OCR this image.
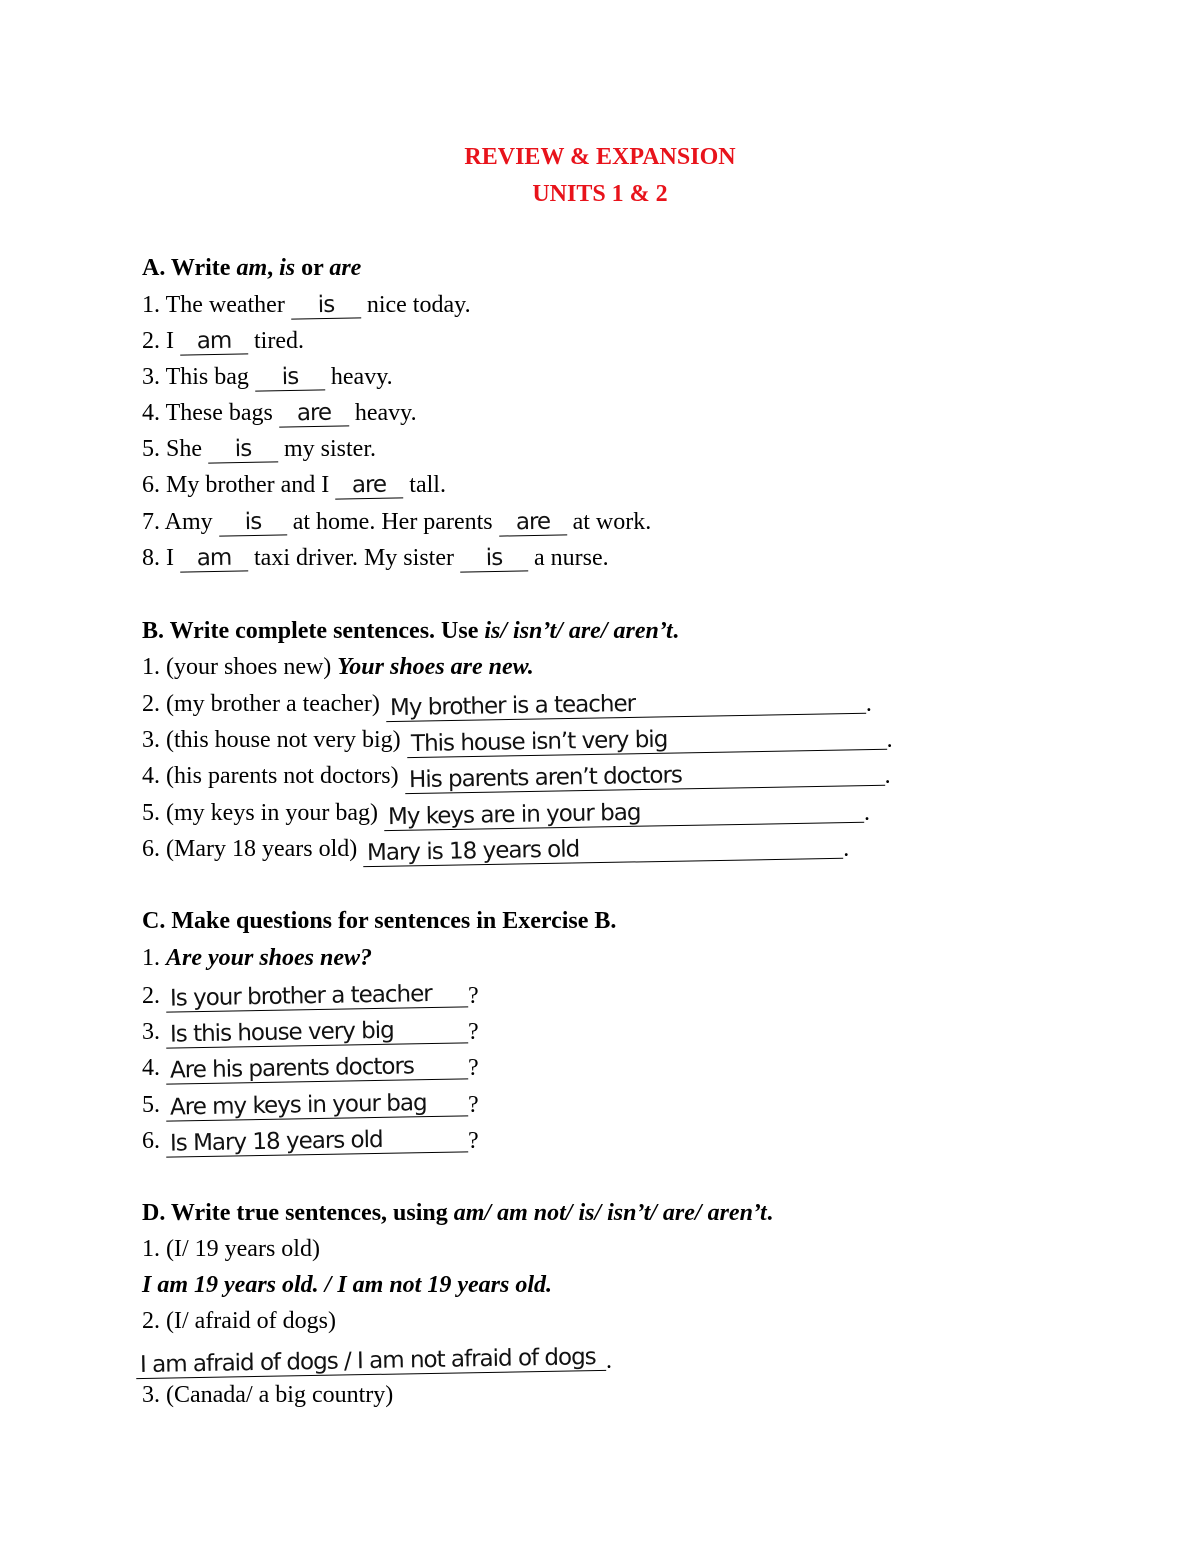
REVIEW & EXPANSION
UNITS 1 & 2
A. Write am, is or are
1. The weather is nice today.
2. I am tired.
3. This bag is heavy.
4. These bags are heavy.
5. She is my sister.
6. My brother and I are tall.
7. Amy is at home. Her parents are at work.
8. I am taxi driver. My sister is a nurse.
B. Write complete sentences. Use is/ isn’t/ are/ aren’t.
1. (your shoes new) Your shoes are new.
2. (my brother a teacher) My brother is a teacher	.
3. (this house not very big) This house isn’t very big	.
4. (his parents not doctors) His parents aren’t doctors	.
5. (my keys in your bag) My keys are in your bag	.
6. (Mary 18 years old) Mary is 18 years old	.
C. Make questions for sentences in Exercise B.
1. Are your shoes new?
2. Is your brother a teacher ?
3. Is this house very big	?
4. Are his parents doctors ?
5. Are my keys in your bag ?
6. Is Mary 18 years old	?
D. Write true sentences, using am/ am not/ is/ isn’t/ are/ aren’t.
1. (I/ 19 years old)
I am 19 years old. / I am not 19 years old.
2. (I/ afraid of dogs)
I am afraid of dogs / I am not afraid of dogs .
3. (Canada/ a big country)
